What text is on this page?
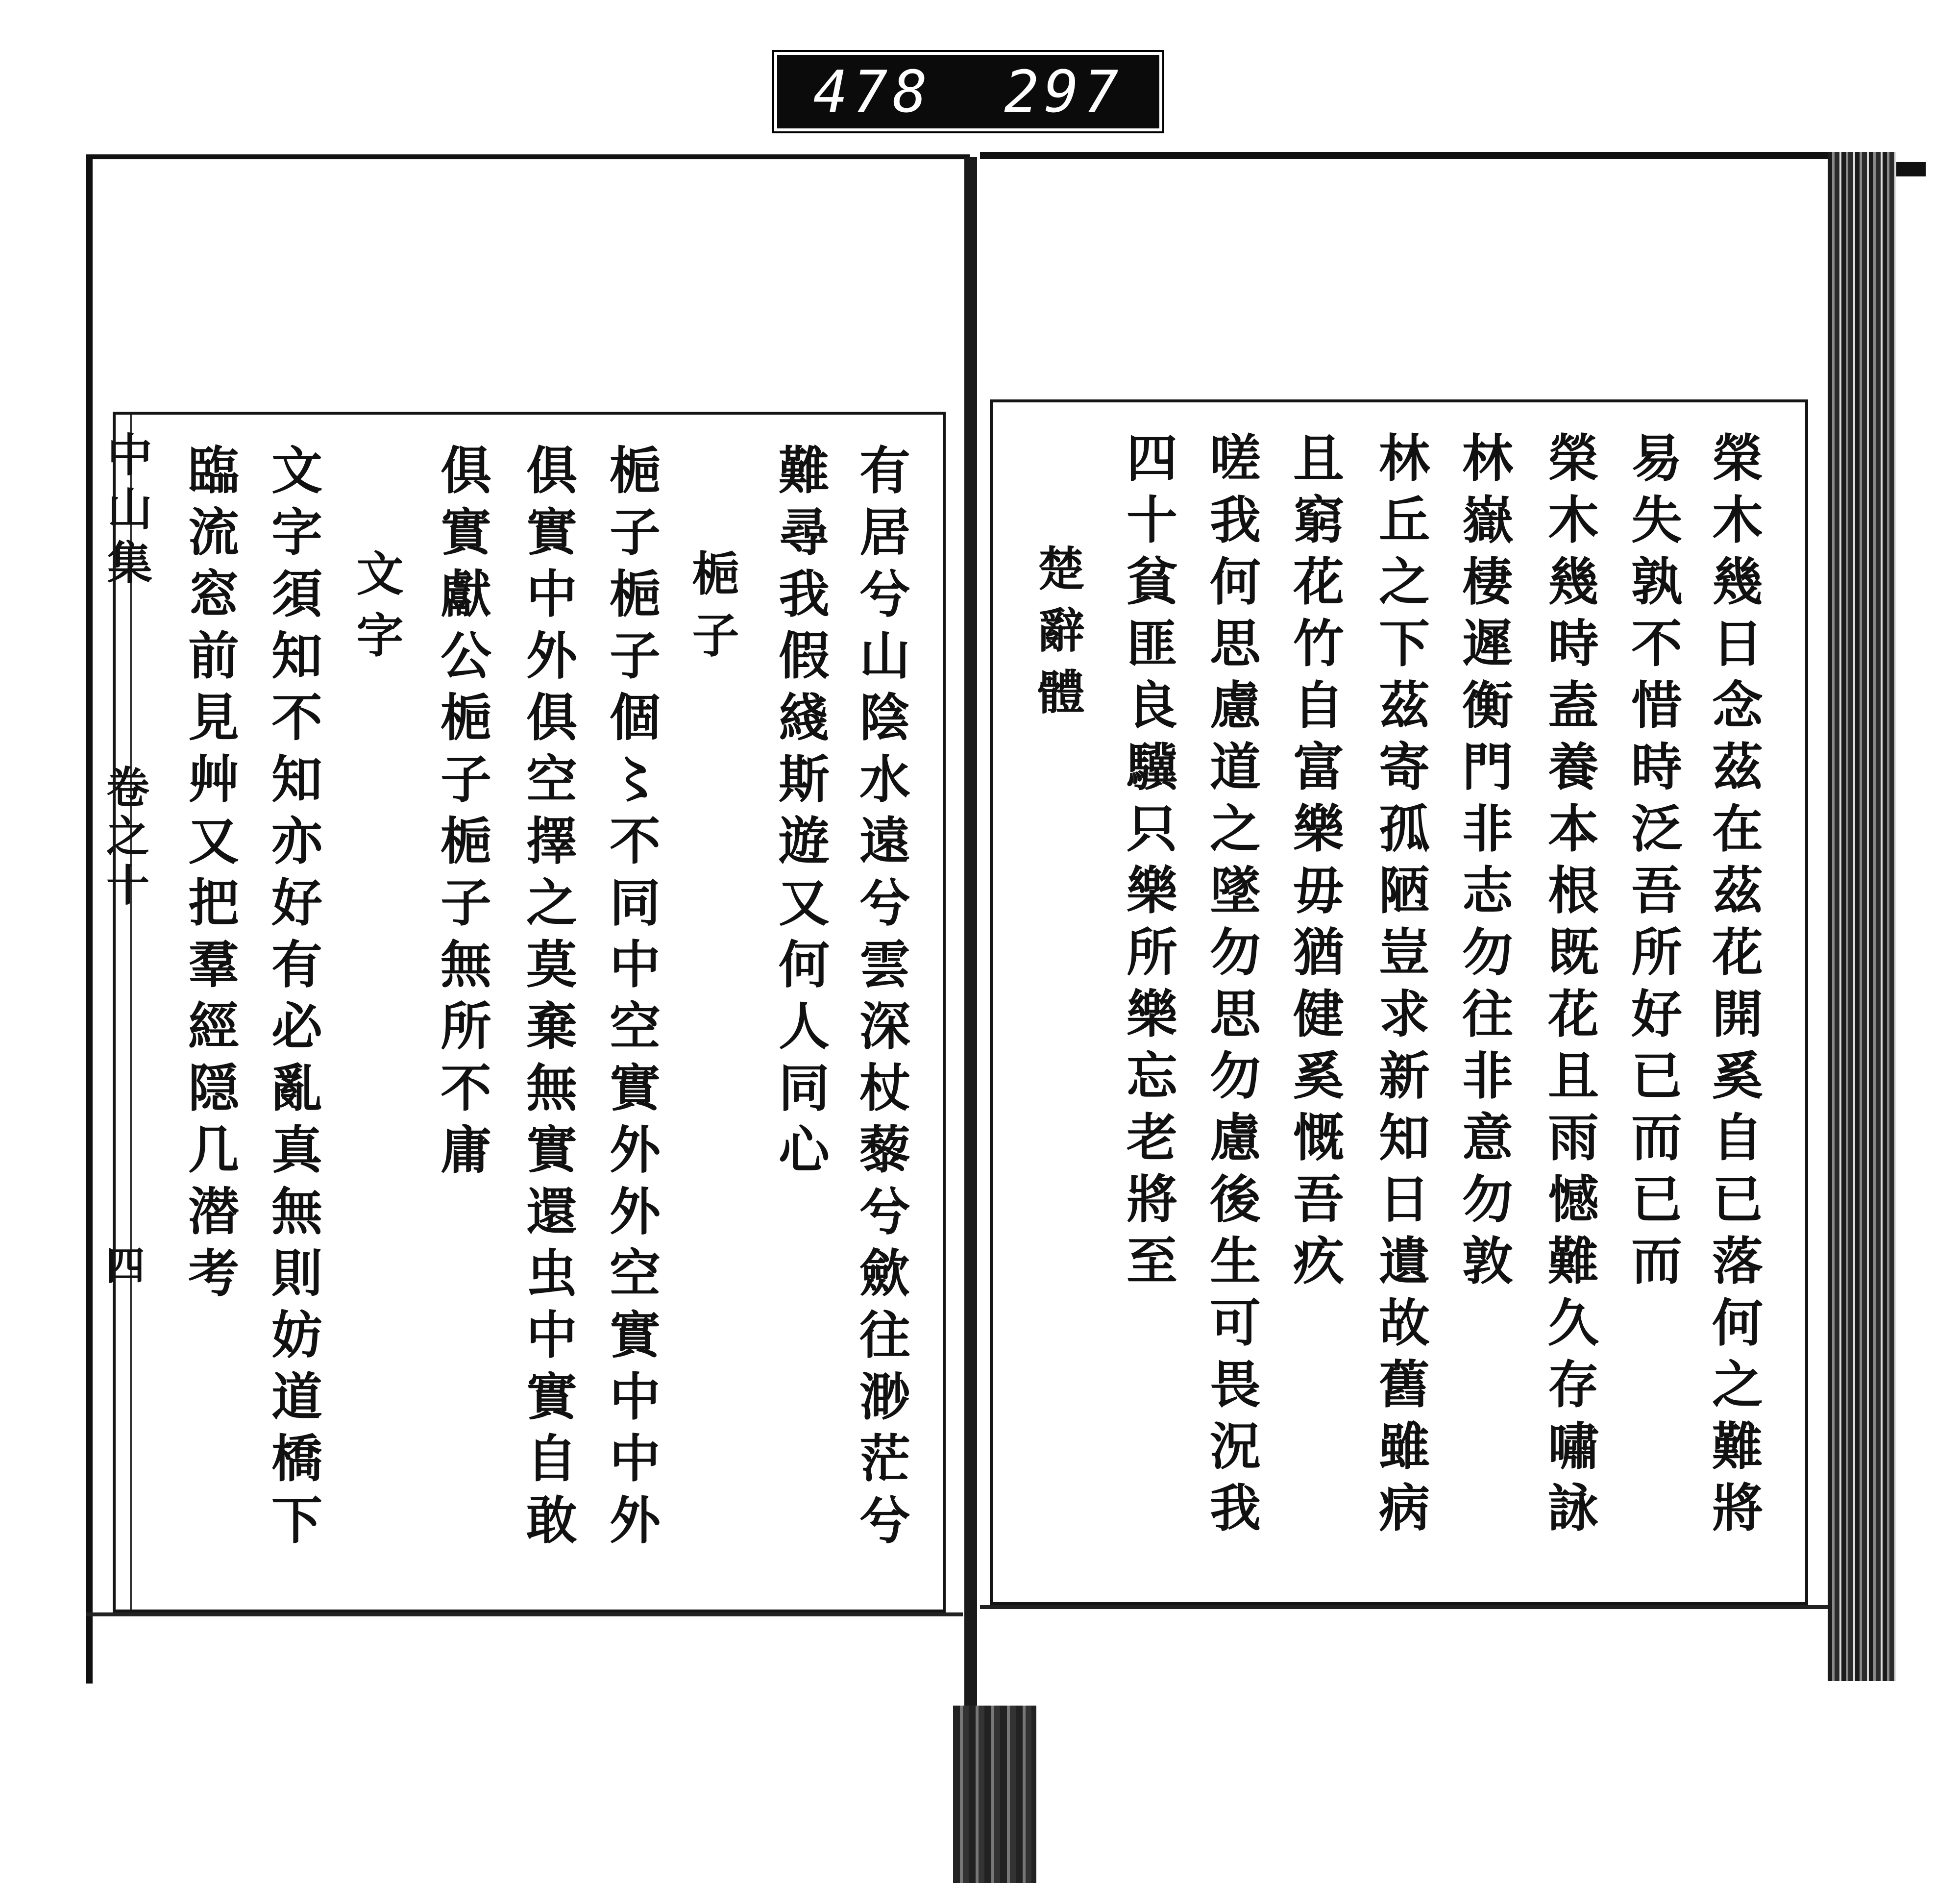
478 297
中山集
卷之十
四	有居兮山陰水遠兮雲深杖藜兮歛往渺茫兮
難尋我假綫斯遊又何人同心
梔子
梔子梔子個〻不同中空實外外空實中中外
俱實中外俱空擇之莫棄無實還虫中實自敢
俱實獻公梔子梔子無所不庸
文字
文字須知不知亦好有必亂真無則妨道橋下
臨流窓前見艸又把羣經隠几潜考	榮木幾日念茲在茲花開奚自已落何之難將
易失孰不惜時泛吾所好已而已而
榮木幾時盍養本根既花且雨憾難久存嘯詠
林嶽棲遲衡門非志勿往非意勿敦
林丘之下茲寄孤陋豈求新知日遺故舊雖病
且窮花竹自富樂毋猶健奚慨吾疚
嗟我何思慮道之墜勿思勿慮後生可畏況我
四十貧匪良驥只樂所樂忘老將至
楚辭體
